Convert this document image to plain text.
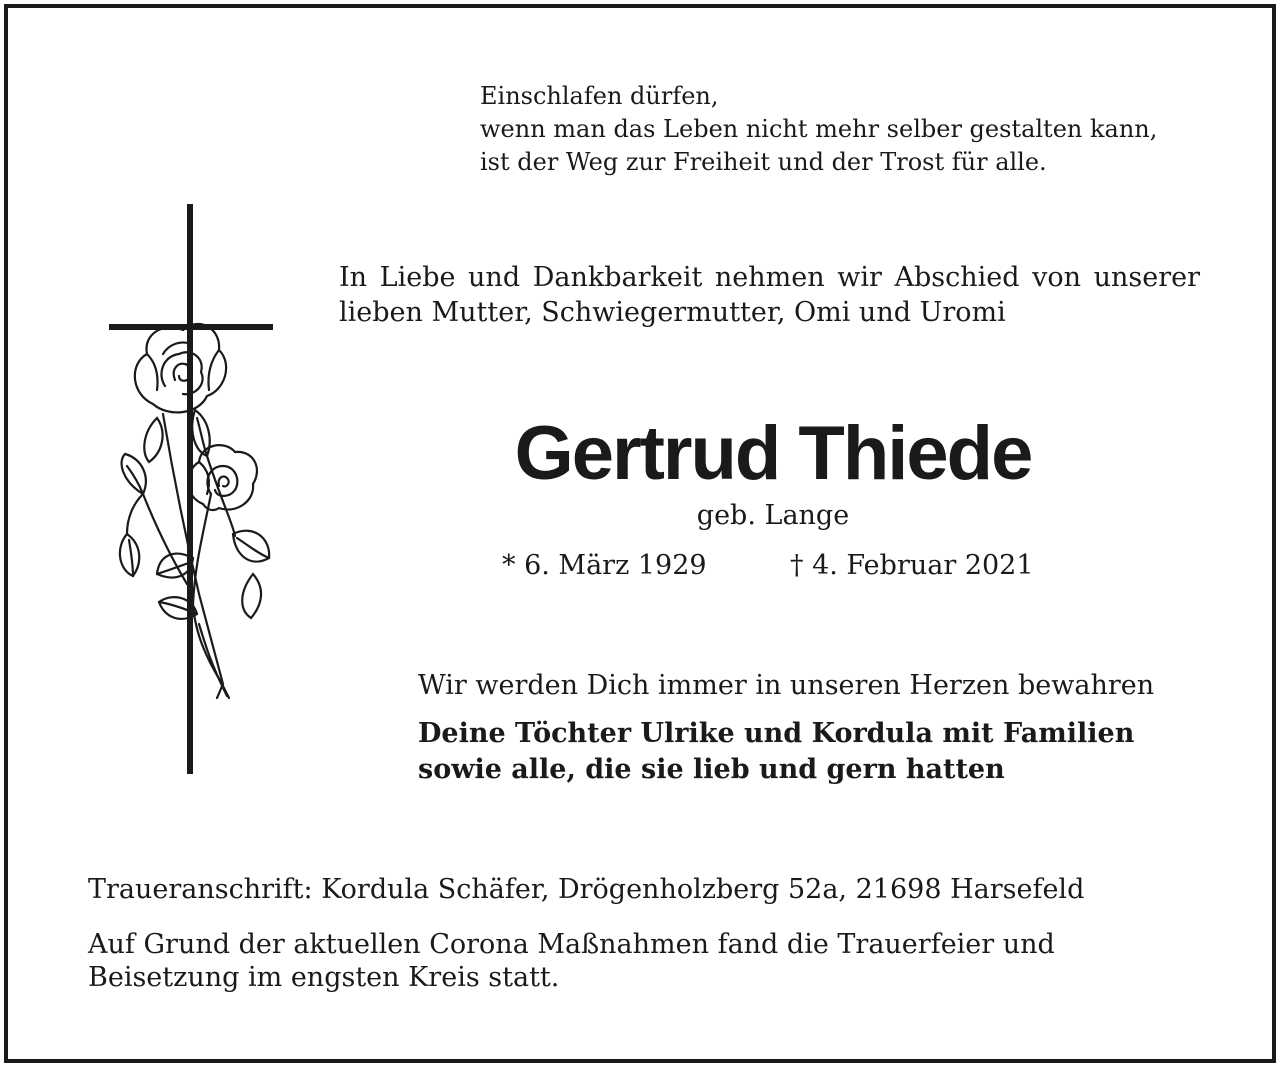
Einschlafen dürfen,
wenn man das Leben nicht mehr selber gestalten kann,
ist der Weg zur Freiheit und der Trost für alle.
In Liebe und Dankbarkeit nehmen wir Abschied von unserer lieben Mutter, Schwiegermutter, Omi und Uromi
Gertrud Thiede
geb. Lange
* 6. März 1929	† 4. Februar 2021
Wir werden Dich immer in unseren Herzen bewahren
Deine Töchter Ulrike und Kordula mit Familien
sowie alle, die sie lieb und gern hatten
Traueranschrift: Kordula Schäfer, Drögenholzberg 52a, 21698 Harsefeld
Auf Grund der aktuellen Corona Maßnahmen fand die Trauerfeier und Beisetzung im engsten Kreis statt.
